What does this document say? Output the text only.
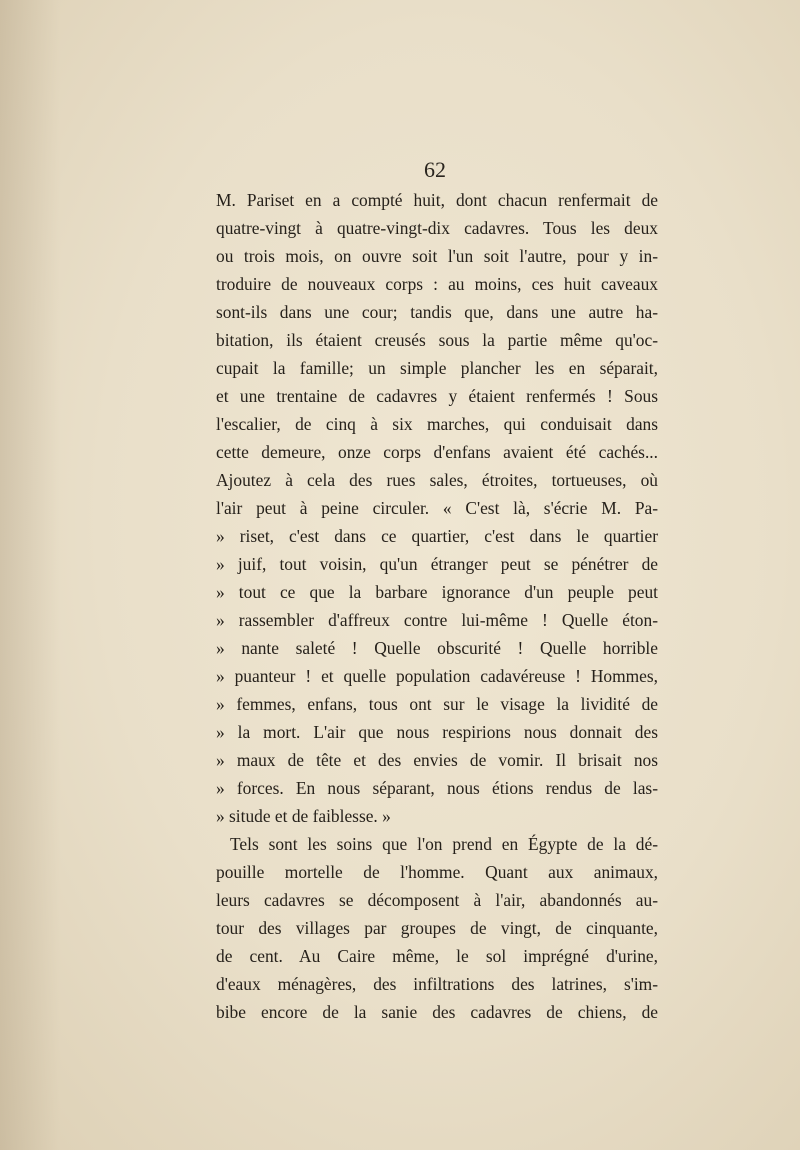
62
M. Pariset en a compté huit, dont chacun renfermait de
quatre-vingt à quatre-vingt-dix cadavres. Tous les deux
ou trois mois, on ouvre soit l'un soit l'autre, pour y in-
troduire de nouveaux corps : au moins, ces huit caveaux
sont-ils dans une cour; tandis que, dans une autre ha-
bitation, ils étaient creusés sous la partie même qu'oc-
cupait la famille; un simple plancher les en séparait,
et une trentaine de cadavres y étaient renfermés ! Sous
l'escalier, de cinq à six marches, qui conduisait dans
cette demeure, onze corps d'enfans avaient été cachés...
Ajoutez à cela des rues sales, étroites, tortueuses, où
l'air peut à peine circuler. « C'est là, s'écrie M. Pa-
» riset, c'est dans ce quartier, c'est dans le quartier
» juif, tout voisin, qu'un étranger peut se pénétrer de
» tout ce que la barbare ignorance d'un peuple peut
» rassembler d'affreux contre lui-même ! Quelle éton-
» nante saleté ! Quelle obscurité ! Quelle horrible
» puanteur ! et quelle population cadavéreuse ! Hommes,
» femmes, enfans, tous ont sur le visage la lividité de
» la mort. L'air que nous respirions nous donnait des
» maux de tête et des envies de vomir. Il brisait nos
» forces. En nous séparant, nous étions rendus de las-
» situde et de faiblesse. »
Tels sont les soins que l'on prend en Égypte de la dé-
pouille mortelle de l'homme. Quant aux animaux,
leurs cadavres se décomposent à l'air, abandonnés au-
tour des villages par groupes de vingt, de cinquante,
de cent. Au Caire même, le sol imprégné d'urine,
d'eaux ménagères, des infiltrations des latrines, s'im-
bibe encore de la sanie des cadavres de chiens, de
